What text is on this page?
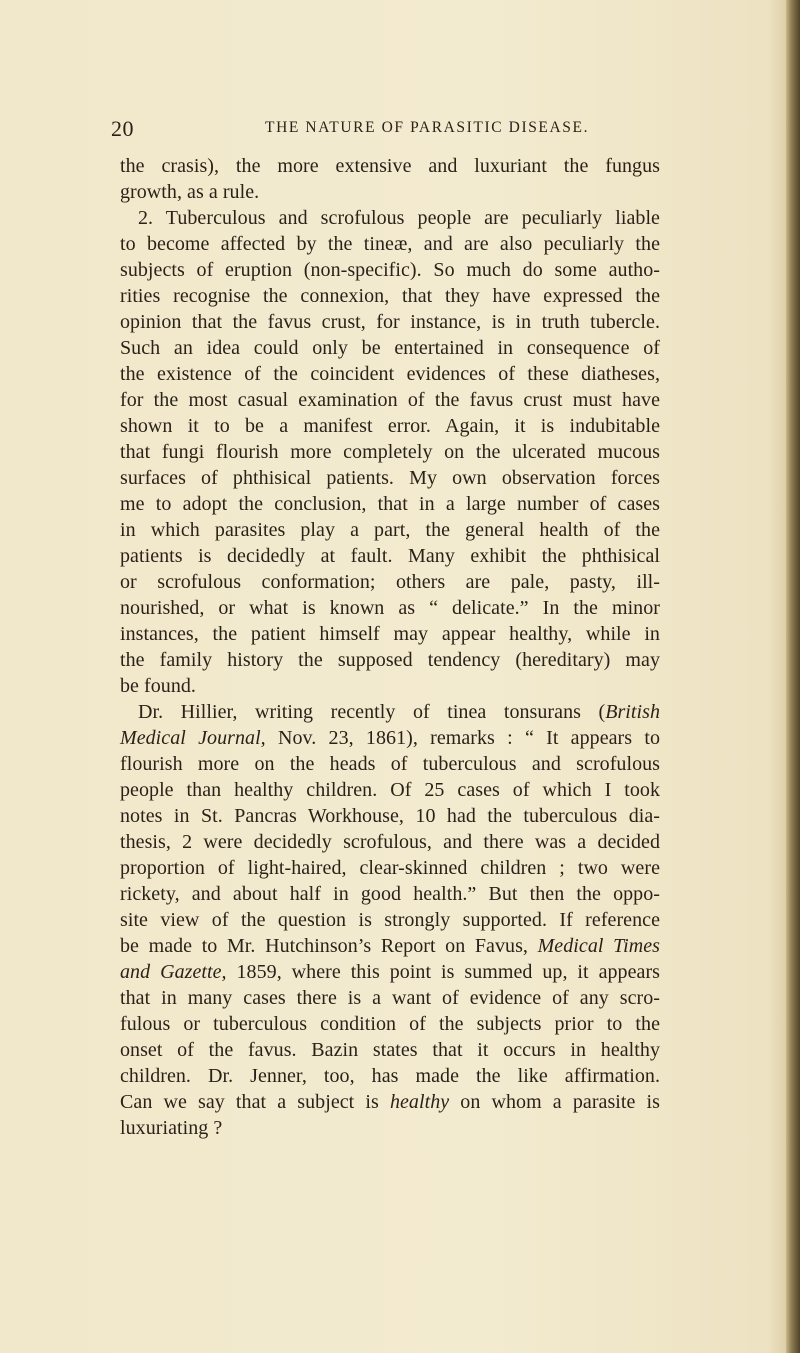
20	THE NATURE OF PARASITIC DISEASE.
the crasis), the more extensive and luxuriant the fungus
growth, as a rule.
2. Tuberculous and scrofulous people are peculiarly liable
to become affected by the tineæ, and are also peculiarly the
subjects of eruption (non-specific). So much do some autho-
rities recognise the connexion, that they have expressed the
opinion that the favus crust, for instance, is in truth tubercle.
Such an idea could only be entertained in consequence of
the existence of the coincident evidences of these diatheses,
for the most casual examination of the favus crust must have
shown it to be a manifest error. Again, it is indubitable
that fungi flourish more completely on the ulcerated mucous
surfaces of phthisical patients. My own observation forces
me to adopt the conclusion, that in a large number of cases
in which parasites play a part, the general health of the
patients is decidedly at fault. Many exhibit the phthisical
or scrofulous conformation; others are pale, pasty, ill-
nourished, or what is known as “ delicate.” In the minor
instances, the patient himself may appear healthy, while in
the family history the supposed tendency (hereditary) may
be found.
Dr. Hillier, writing recently of tinea tonsurans (British
Medical Journal, Nov. 23, 1861), remarks : “ It appears to
flourish more on the heads of tuberculous and scrofulous
people than healthy children. Of 25 cases of which I took
notes in St. Pancras Workhouse, 10 had the tuberculous dia-
thesis, 2 were decidedly scrofulous, and there was a decided
proportion of light-haired, clear-skinned children ; two were
rickety, and about half in good health.” But then the oppo-
site view of the question is strongly supported. If reference
be made to Mr. Hutchinson’s Report on Favus, Medical Times
and Gazette, 1859, where this point is summed up, it appears
that in many cases there is a want of evidence of any scro-
fulous or tuberculous condition of the subjects prior to the
onset of the favus. Bazin states that it occurs in healthy
children. Dr. Jenner, too, has made the like affirmation.
Can we say that a subject is healthy on whom a parasite is
luxuriating ?
